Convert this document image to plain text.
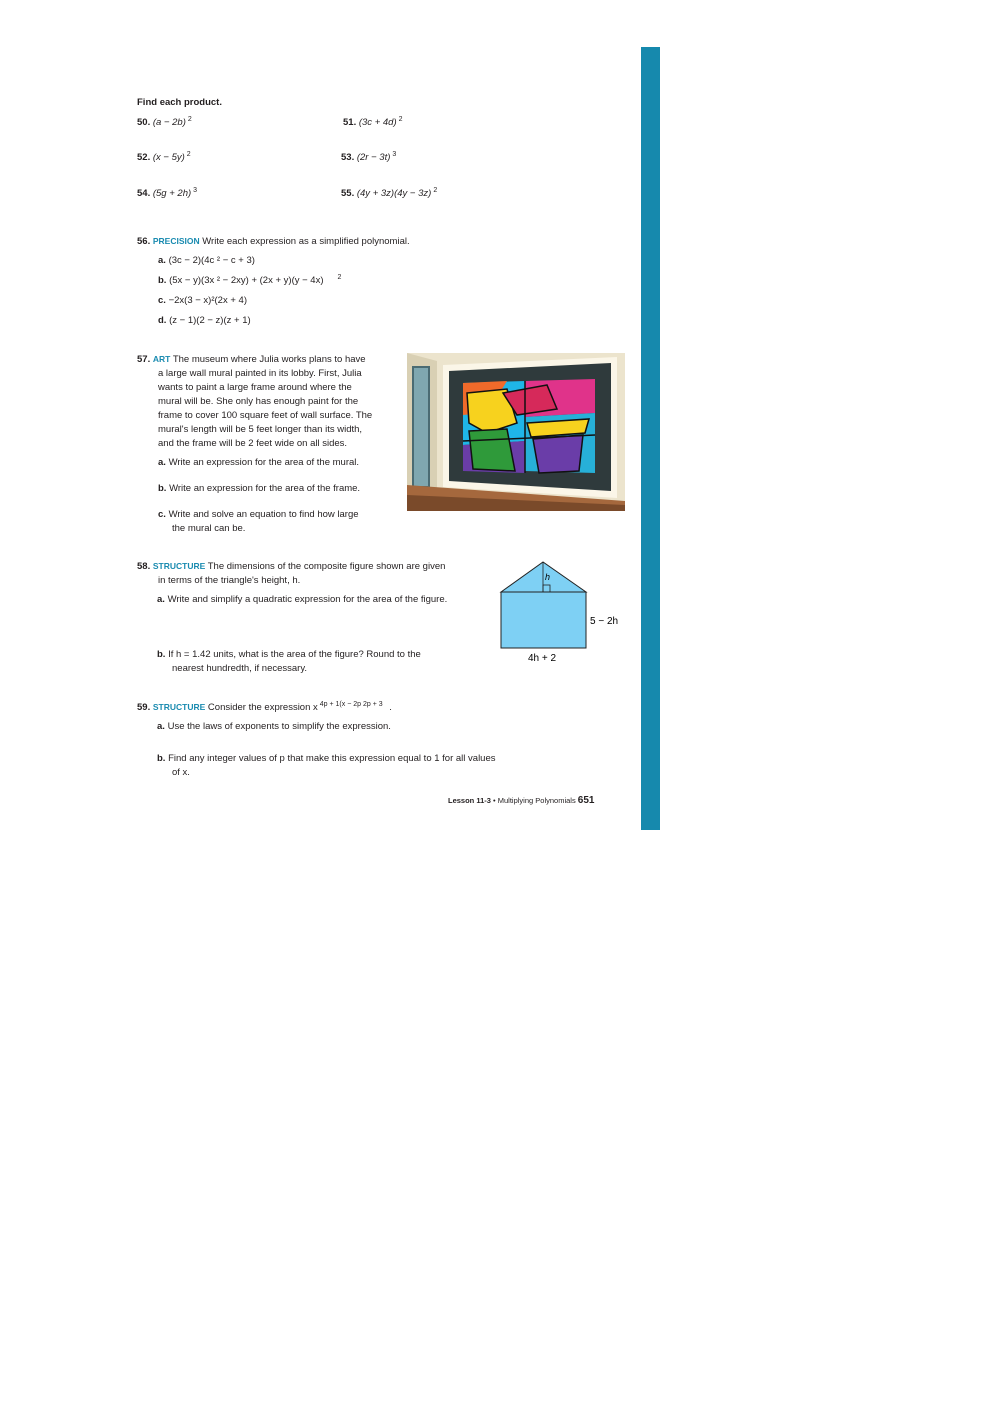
Find each product.
50. (a − 2b) $^2$	51. (3c + 4d) $^2$
52. (x − 5y) $^2$	53. (2r − 3t) $^3$
54. (5g + 2h) $^3$	55. (4y + 3z)(4y − 3z) $^2$
56. PRECISION Write each expression as a simplified polynomial.
a. (3c − 2)(4c ² − c + 3)
b. (5x − y)(3x ² − 2xy) + (2x + y)(y − 4x) $^2$
c. −2x(3 − x)²(2x + 4)
d. (z − 1)(2 − z)(z + 1)
57. ART The museum where Julia works plans to have
a large wall mural painted in its lobby. First, Julia
wants to paint a large frame around where the
mural will be. She only has enough paint for the
frame to cover 100 square feet of wall surface. The
mural's length will be 5 feet longer than its width,
and the frame will be 2 feet wide on all sides.
a. Write an expression for the area of the mural.
b. Write an expression for the area of the frame.
c. Write and solve an equation to find how large
the mural can be.
58. STRUCTURE The dimensions of the composite figure shown are given
in terms of the triangle's height, h.
a. Write and simplify a quadratic expression for the area of the figure.
b. If h = 1.42 units, what is the area of the figure? Round to the
nearest hundredth, if necessary.
h
5 − 2h
4h + 2
59. STRUCTURE Consider the expression x $^{4p + 1(x - 2p 2p + 3}$ .
a. Use the laws of exponents to simplify the expression.
b. Find any integer values of p that make this expression equal to 1 for all values
of x.
Lesson 11-3 • Multiplying Polynomials 651
